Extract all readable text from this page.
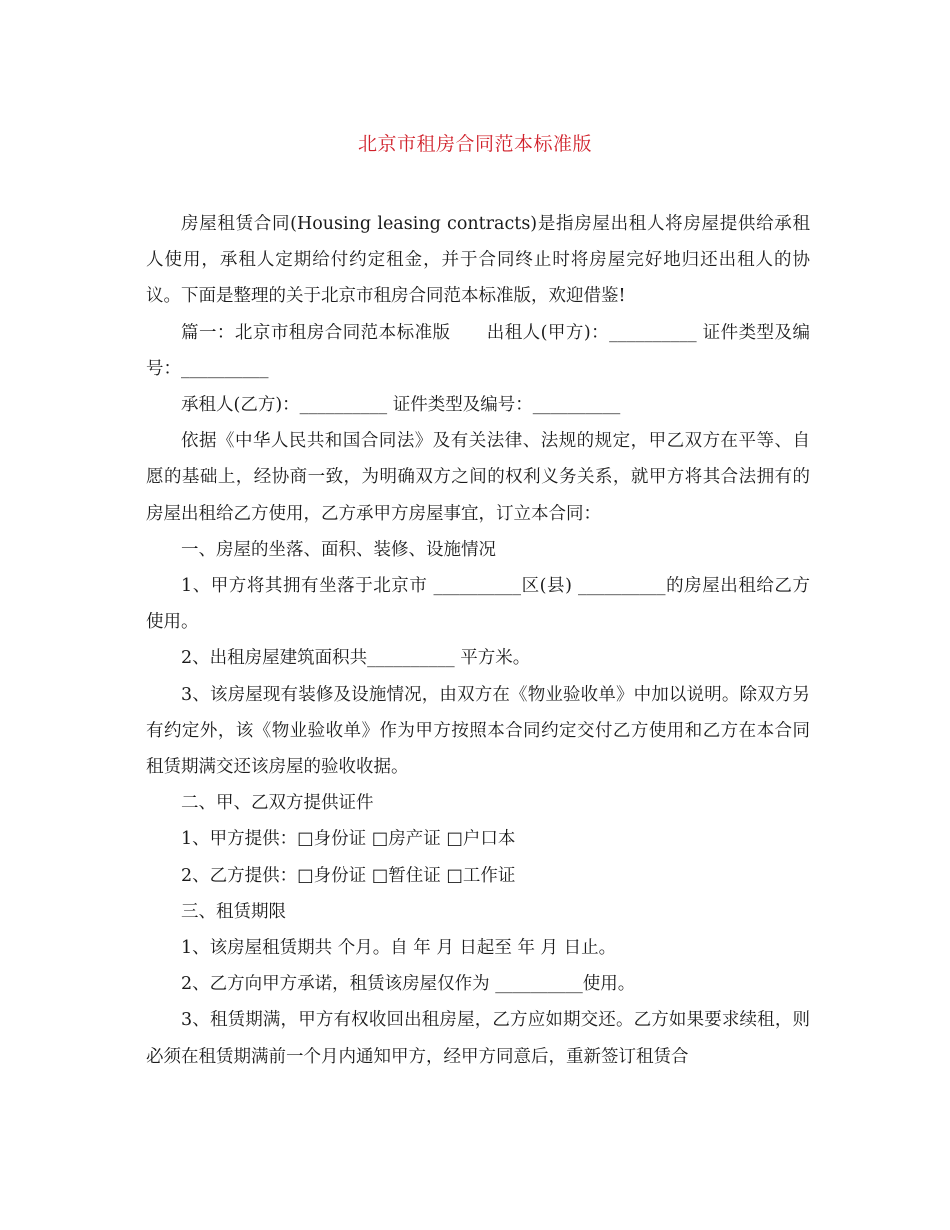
北京市租房合同范本标准版

房屋租赁合同(Housing leasing contracts)是指房屋出租人将房屋提供给承租人使用，承租人定期给付约定租金，并于合同终止时将房屋完好地归还出租人的协议。下面是整理的关于北京市租房合同范本标准版，欢迎借鉴!

篇一：北京市租房合同范本标准版      出租人(甲方)：__________ 证件类型及编号：__________

承租人(乙方)：__________ 证件类型及编号：__________

依据《中华人民共和国合同法》及有关法律、法规的规定，甲乙双方在平等、自愿的基础上，经协商一致，为明确双方之间的权利义务关系，就甲方将其合法拥有的房屋出租给乙方使用，乙方承甲方房屋事宜，订立本合同：

一、房屋的坐落、面积、装修、设施情况

1、甲方将其拥有坐落于北京市 __________区(县) __________的房屋出租给乙方使用。

2、出租房屋建筑面积共__________ 平方米。

3、该房屋现有装修及设施情况，由双方在《物业验收单》中加以说明。除双方另有约定外，该《物业验收单》作为甲方按照本合同约定交付乙方使用和乙方在本合同租赁期满交还该房屋的验收收据。

二、甲、乙双方提供证件

1、甲方提供：□身份证 □房产证 □户口本

2、乙方提供：□身份证 □暂住证 □工作证

三、租赁期限

1、该房屋租赁期共 个月。自 年 月 日起至 年 月 日止。

2、乙方向甲方承诺，租赁该房屋仅作为 __________使用。

3、租赁期满，甲方有权收回出租房屋，乙方应如期交还。乙方如果要求续租，则必须在租赁期满前一个月内通知甲方，经甲方同意后，重新签订租赁合
